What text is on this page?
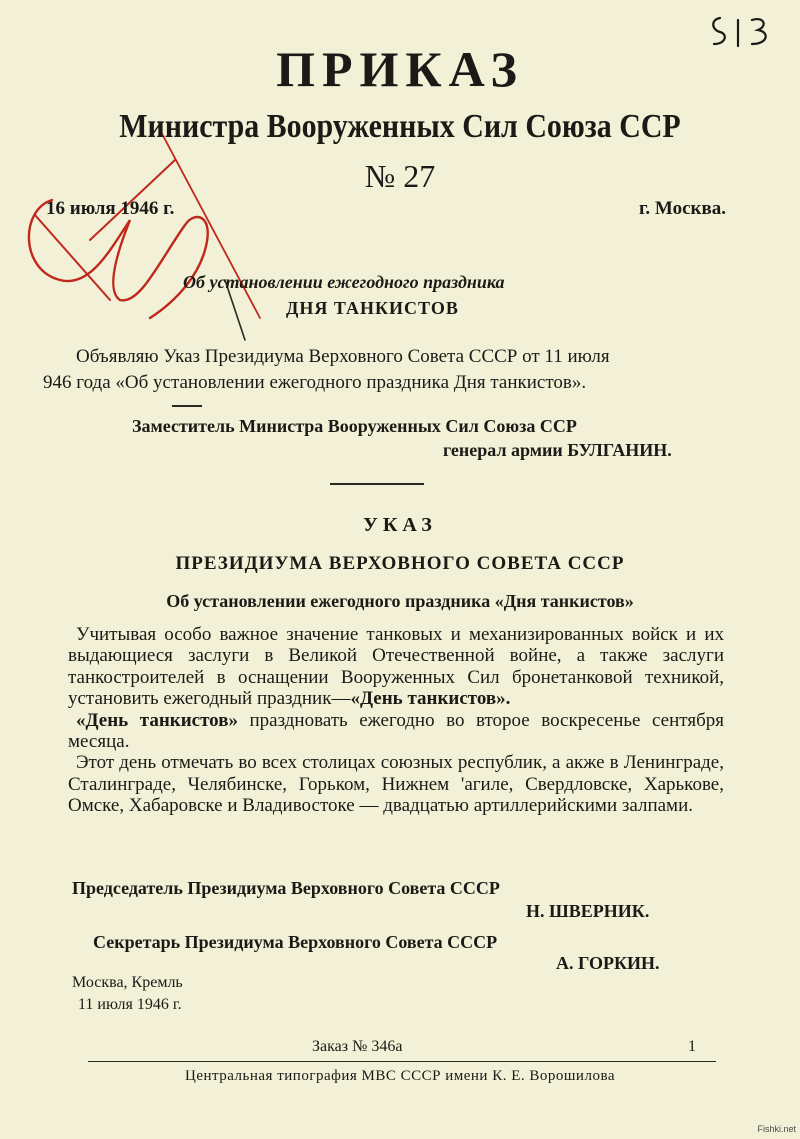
ПРИКАЗ
Министра Вооруженных Сил Союза ССР
№ 27
16 июля 1946 г.	г. Москва.
Об установлении ежегодного праздника
ДНЯ ТАНКИСТОВ
Объявляю Указ Президиума Верховного Совета СССР от 11 июля
946 года «Об установлении ежегодного праздника Дня танкистов».
Заместитель Министра Вооруженных Сил Союза ССР
генерал армии БУЛГАНИН.
УКАЗ
ПРЕЗИДИУМА ВЕРХОВНОГО СОВЕТА СССР
Об установлении ежегодного праздника «Дня танкистов»

Учитывая особо важное значение танковых и механизированных войск и их выдающиеся заслуги в Великой Отечественной войне, а также заслуги танкостроителей в оснащении Вооруженных Сил бронетанковой техникой, установить ежегодный праздник—«День танкистов».

«День танкистов» праздновать ежегодно во второе воскресенье сентября месяца.

Этот день отмечать во всех столицах союзных республик, а акже в Ленинграде, Сталинграде, Челябинске, Горьком, Нижнем 'агиле, Свердловске, Харькове, Омске, Хабаровске и Владивостоке — двадцатью артиллерийскими залпами.

Председатель Президиума Верховного Совета СССР
Н. ШВЕРНИК.
Секретарь Президиума Верховного Совета СССР
А. ГОРКИН.
Москва, Кремль
11 июля 1946 г.
Заказ № 346а	1
Центральная типография МВС СССР имени К. Е. Ворошилова
Fishki.net
